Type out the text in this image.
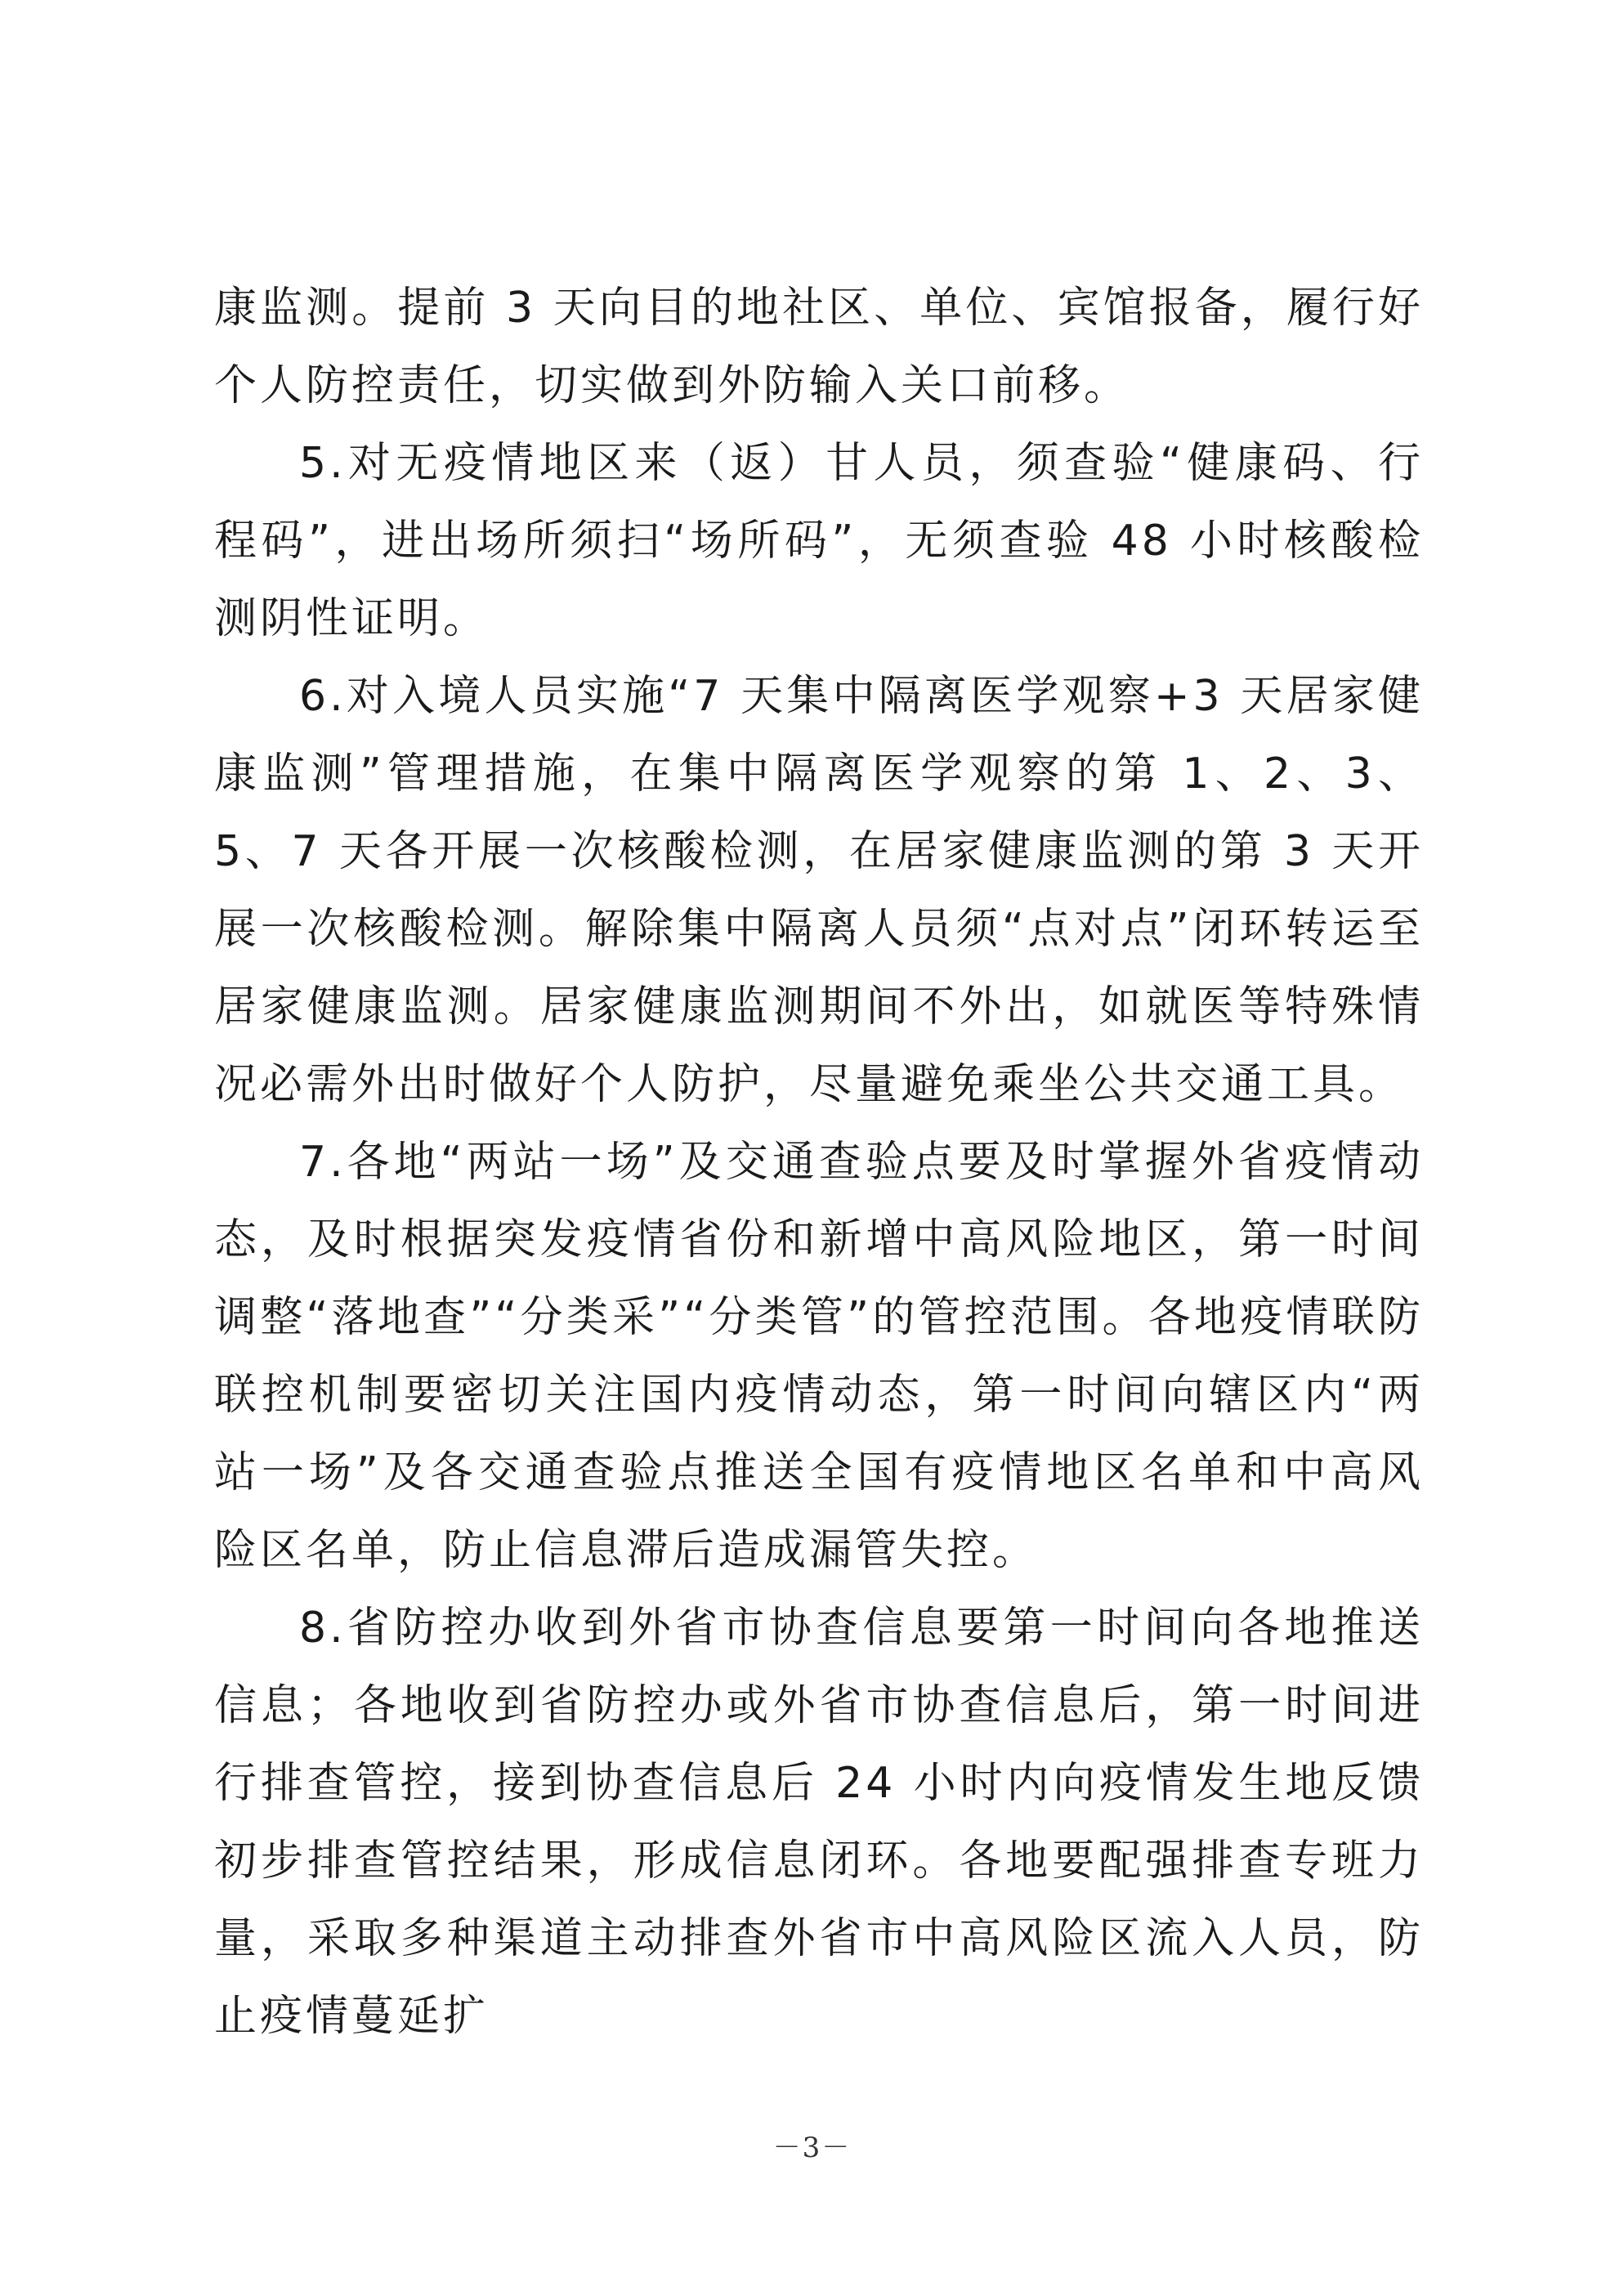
康监测。提前 3 天向目的地社区、单位、宾馆报备，履行好个人防控责任，切实做到外防输入关口前移。

5.对无疫情地区来（返）甘人员，须查验“健康码、行程码”，进出场所须扫“场所码”，无须查验 48 小时核酸检测阴性证明。

6.对入境人员实施“7 天集中隔离医学观察+3 天居家健康监测”管理措施，在集中隔离医学观察的第 1、2、3、5、7 天各开展一次核酸检测，在居家健康监测的第 3 天开展一次核酸检测。解除集中隔离人员须“点对点”闭环转运至居家健康监测。居家健康监测期间不外出，如就医等特殊情况必需外出时做好个人防护，尽量避免乘坐公共交通工具。

7.各地“两站一场”及交通查验点要及时掌握外省疫情动态，及时根据突发疫情省份和新增中高风险地区，第一时间调整“落地查”“分类采”“分类管”的管控范围。各地疫情联防联控机制要密切关注国内疫情动态，第一时间向辖区内“两站一场”及各交通查验点推送全国有疫情地区名单和中高风险区名单，防止信息滞后造成漏管失控。

8.省防控办收到外省市协查信息要第一时间向各地推送信息；各地收到省防控办或外省市协查信息后，第一时间进行排查管控，接到协查信息后 24 小时内向疫情发生地反馈初步排查管控结果，形成信息闭环。各地要配强排查专班力量，采取多种渠道主动排查外省市中高风险区流入人员，防止疫情蔓延扩

－3－
